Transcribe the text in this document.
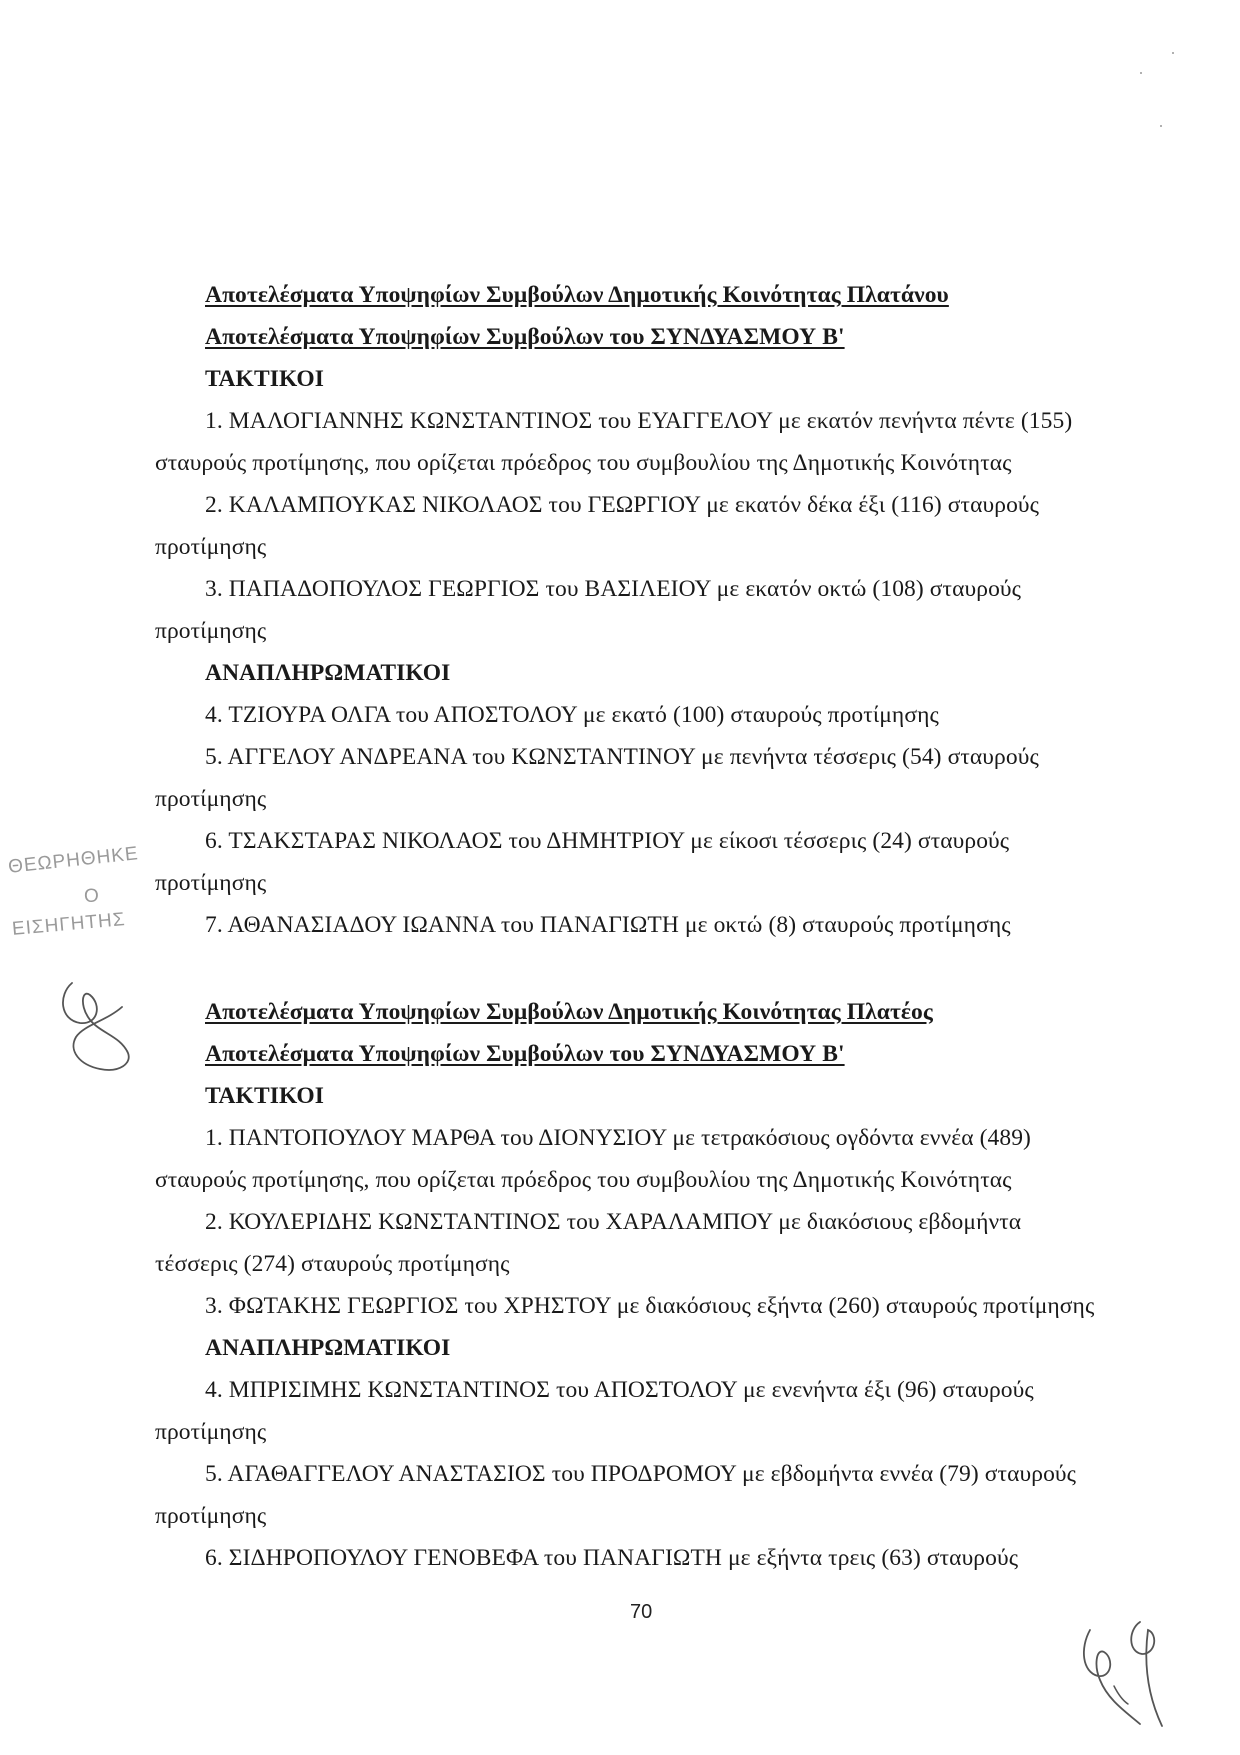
Αποτελέσματα Υποψηφίων Συμβούλων Δημοτικής Κοινότητας Πλατάνου

Αποτελέσματα Υποψηφίων Συμβούλων του ΣΥΝΔΥΑΣΜΟΥ Β'

ΤΑΚΤΙΚΟΙ

1. ΜΑΛΟΓΙΑΝΝΗΣ ΚΩΝΣΤΑΝΤΙΝΟΣ του ΕΥΑΓΓΕΛΟΥ με εκατόν πενήντα πέντε (155)

σταυρούς προτίμησης, που ορίζεται πρόεδρος του συμβουλίου της Δημοτικής Κοινότητας

2. ΚΑΛΑΜΠΟΥΚΑΣ ΝΙΚΟΛΑΟΣ του ΓΕΩΡΓΙΟΥ με εκατόν δέκα έξι (116) σταυρούς

προτίμησης

3. ΠΑΠΑΔΟΠΟΥΛΟΣ ΓΕΩΡΓΙΟΣ του ΒΑΣΙΛΕΙΟΥ με εκατόν οκτώ (108) σταυρούς

προτίμησης

ΑΝΑΠΛΗΡΩΜΑΤΙΚΟΙ

4. ΤΖΙΟΥΡΑ ΟΛΓΑ του ΑΠΟΣΤΟΛΟΥ με εκατό (100) σταυρούς προτίμησης

5. ΑΓΓΕΛΟΥ ΑΝΔΡΕΑΝΑ του ΚΩΝΣΤΑΝΤΙΝΟΥ με πενήντα τέσσερις (54) σταυρούς

προτίμησης

6. ΤΣΑΚΣΤΑΡΑΣ ΝΙΚΟΛΑΟΣ του ΔΗΜΗΤΡΙΟΥ με είκοσι τέσσερις (24) σταυρούς

προτίμησης

7. ΑΘΑΝΑΣΙΑΔΟΥ ΙΩΑΝΝΑ του ΠΑΝΑΓΙΩΤΗ με οκτώ (8) σταυρούς προτίμησης

Αποτελέσματα Υποψηφίων Συμβούλων Δημοτικής Κοινότητας Πλατέος

Αποτελέσματα Υποψηφίων Συμβούλων του ΣΥΝΔΥΑΣΜΟΥ Β'

ΤΑΚΤΙΚΟΙ

1. ΠΑΝΤΟΠΟΥΛΟΥ ΜΑΡΘΑ του ΔΙΟΝΥΣΙΟΥ με τετρακόσιους ογδόντα εννέα (489)

σταυρούς προτίμησης, που ορίζεται πρόεδρος του συμβουλίου της Δημοτικής Κοινότητας

2. ΚΟΥΛΕΡΙΔΗΣ ΚΩΝΣΤΑΝΤΙΝΟΣ του ΧΑΡΑΛΑΜΠΟΥ με διακόσιους εβδομήντα

τέσσερις (274) σταυρούς προτίμησης

3. ΦΩΤΑΚΗΣ ΓΕΩΡΓΙΟΣ του ΧΡΗΣΤΟΥ με διακόσιους εξήντα (260) σταυρούς προτίμησης

ΑΝΑΠΛΗΡΩΜΑΤΙΚΟΙ

4. ΜΠΡΙΣΙΜΗΣ ΚΩΝΣΤΑΝΤΙΝΟΣ του ΑΠΟΣΤΟΛΟΥ με ενενήντα έξι (96) σταυρούς

προτίμησης

5. ΑΓΑΘΑΓΓΕΛΟΥ ΑΝΑΣΤΑΣΙΟΣ του ΠΡΟΔΡΟΜΟΥ με εβδομήντα εννέα (79) σταυρούς

προτίμησης

6. ΣΙΔΗΡΟΠΟΥΛΟΥ ΓΕΝΟΒΕΦΑ του ΠΑΝΑΓΙΩΤΗ με εξήντα τρεις (63) σταυρούς

70
ΘΕΩΡΗΘΗΚΕ
Ο
ΕΙΣΗΓΗΤΗΣ
